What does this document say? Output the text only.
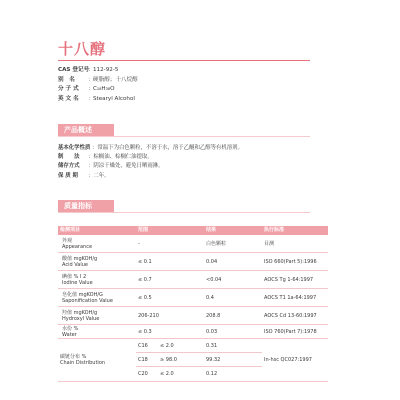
十八醇
CAS 登记号
： 112-92-5
别　名	： 硬脂醇；十八烷醇
分 子 式	： C₁₈H₃₈O
英 文 名	： Stearyl Alcohol
产品概述
基本化学性质 ： 常温下为白色颗粒，不溶于水，溶于乙醚和乙醇等有机溶剂。
制　　法	： 棕榈油、棕榈仁油提取。
储存方式	： 阴凉干燥处，避免日晒雨淋。
保 质 期	： 二年。
质量指标
检测项目	范围	结果	执行标准
外观
Appearance	-	白色颗粒	目测
酸值 mgKOH/g
Acid Value	≤ 0.1	0.04	ISO 660(Part 5):1996
碘值 % I 2
Iodine Value	≤ 0.7	<0.04	AOCS Tg 1-64:1997
皂化值 mgKOH/G
Saponification Value	≤ 0.5	0.4	AOCS T1 1a-64:1997
羟值 mgKOH/g
Hydroxyl Value	206-210	208.8	AOCS Cd 13-60:1997
水份 %
Water	≤ 0.3	0.03	ISO 760(Part 7):1978
碳链分布 %
Chain Distribution
C16	≤ 2.0	0.31
C18	≥ 98.0	99.32
C20	≤ 2.0	0.12
In-hsc QC027:1997
